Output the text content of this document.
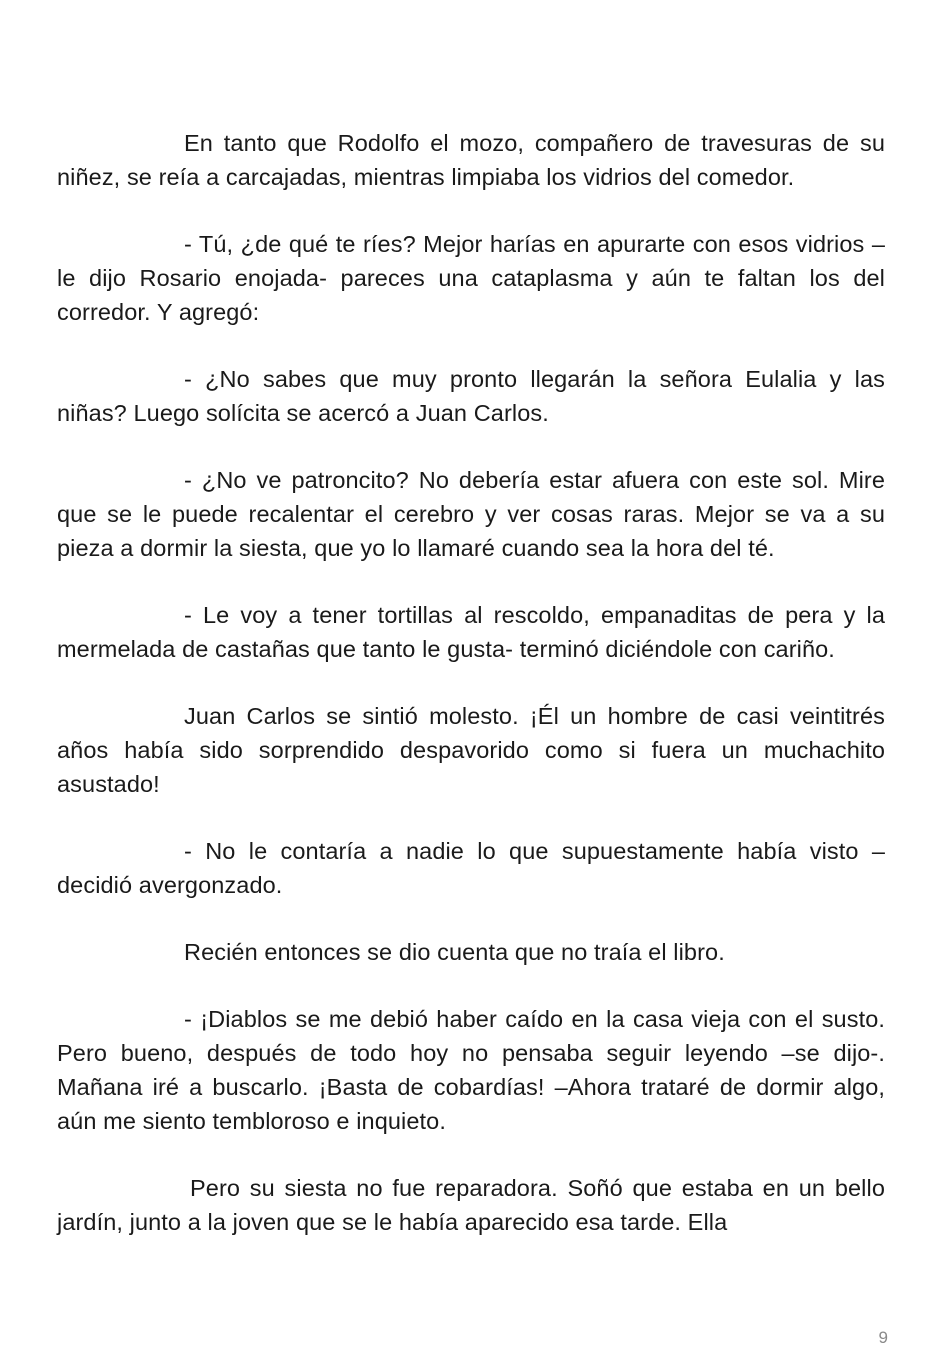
En tanto que Rodolfo el mozo, compañero de travesuras de su niñez, se reía a carcajadas, mientras limpiaba los vidrios del comedor.

- Tú, ¿de qué te ríes? Mejor harías en apurarte con esos vidrios –le dijo Rosario enojada- pareces una cataplasma y aún te faltan los del corredor. Y agregó:

- ¿No sabes que muy pronto llegarán la señora Eulalia y las niñas? Luego solícita se acercó a Juan Carlos.

- ¿No ve patroncito? No debería estar afuera con este sol. Mire que se le puede recalentar el cerebro y ver cosas raras. Mejor se va a su pieza a dormir la siesta, que yo lo llamaré cuando sea la hora del té.

- Le voy a tener tortillas al rescoldo, empanaditas de pera y la mermelada de castañas que tanto le gusta- terminó diciéndole con cariño.

Juan Carlos se sintió molesto. ¡Él un hombre de casi veintitrés años había sido sorprendido despavorido como si fuera un muchachito asustado!

- No le contaría a nadie lo que supuestamente había visto –decidió avergonzado.

Recién entonces se dio cuenta que no traía el libro.

- ¡Diablos se me debió haber caído en la casa vieja con el susto. Pero bueno, después de todo hoy no pensaba seguir leyendo –se dijo-. Mañana iré a buscarlo. ¡Basta de cobardías! –Ahora trataré de dormir algo, aún me siento tembloroso e inquieto.

Pero su siesta no fue reparadora. Soñó que estaba en un bello jardín, junto a la joven que se le había aparecido esa tarde. Ella

9
